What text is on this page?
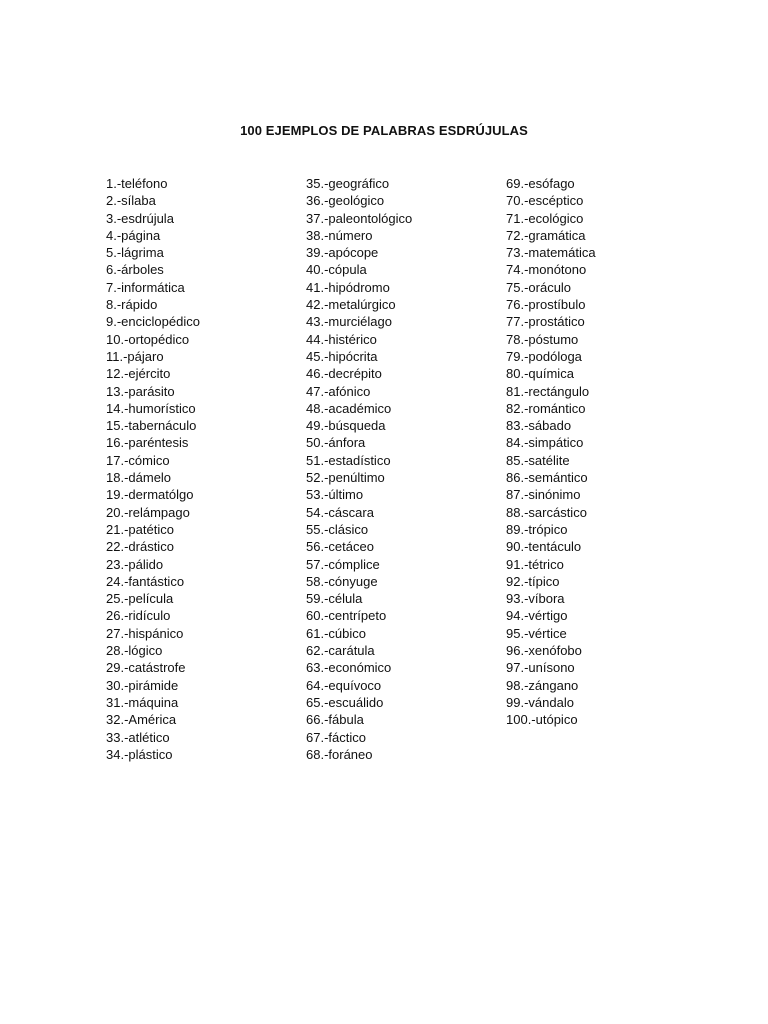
100 EJEMPLOS DE PALABRAS ESDRÚJULAS
1.-teléfono
2.-sílaba
3.-esdrújula
4.-página
5.-lágrima
6.-árboles
7.-informática
8.-rápido
9.-enciclopédico
10.-ortopédico
11.-pájaro
12.-ejército
13.-parásito
14.-humorístico
15.-tabernáculo
16.-paréntesis
17.-cómico
18.-dámelo
19.-dermatólgo
20.-relámpago
21.-patético
22.-drástico
23.-pálido
24.-fantástico
25.-película
26.-ridículo
27.-hispánico
28.-lógico
29.-catástrofe
30.-pirámide
31.-máquina
32.-América
33.-atlético
34.-plástico
35.-geográfico
36.-geológico
37.-paleontológico
38.-número
39.-apócope
40.-cópula
41.-hipódromo
42.-metalúrgico
43.-murciélago
44.-histérico
45.-hipócrita
46.-decrépito
47.-afónico
48.-académico
49.-búsqueda
50.-ánfora
51.-estadístico
52.-penúltimo
53.-último
54.-cáscara
55.-clásico
56.-cetáceo
57.-cómplice
58.-cónyuge
59.-célula
60.-centrípeto
61.-cúbico
62.-carátula
63.-económico
64.-equívoco
65.-escuálido
66.-fábula
67.-fáctico
68.-foráneo
69.-esófago
70.-escéptico
71.-ecológico
72.-gramática
73.-matemática
74.-monótono
75.-oráculo
76.-prostíbulo
77.-prostático
78.-póstumo
79.-podóloga
80.-química
81.-rectángulo
82.-romántico
83.-sábado
84.-simpático
85.-satélite
86.-semántico
87.-sinónimo
88.-sarcástico
89.-trópico
90.-tentáculo
91.-tétrico
92.-típico
93.-víbora
94.-vértigo
95.-vértice
96.-xenófobo
97.-unísono
98.-zángano
99.-vándalo
100.-utópico
